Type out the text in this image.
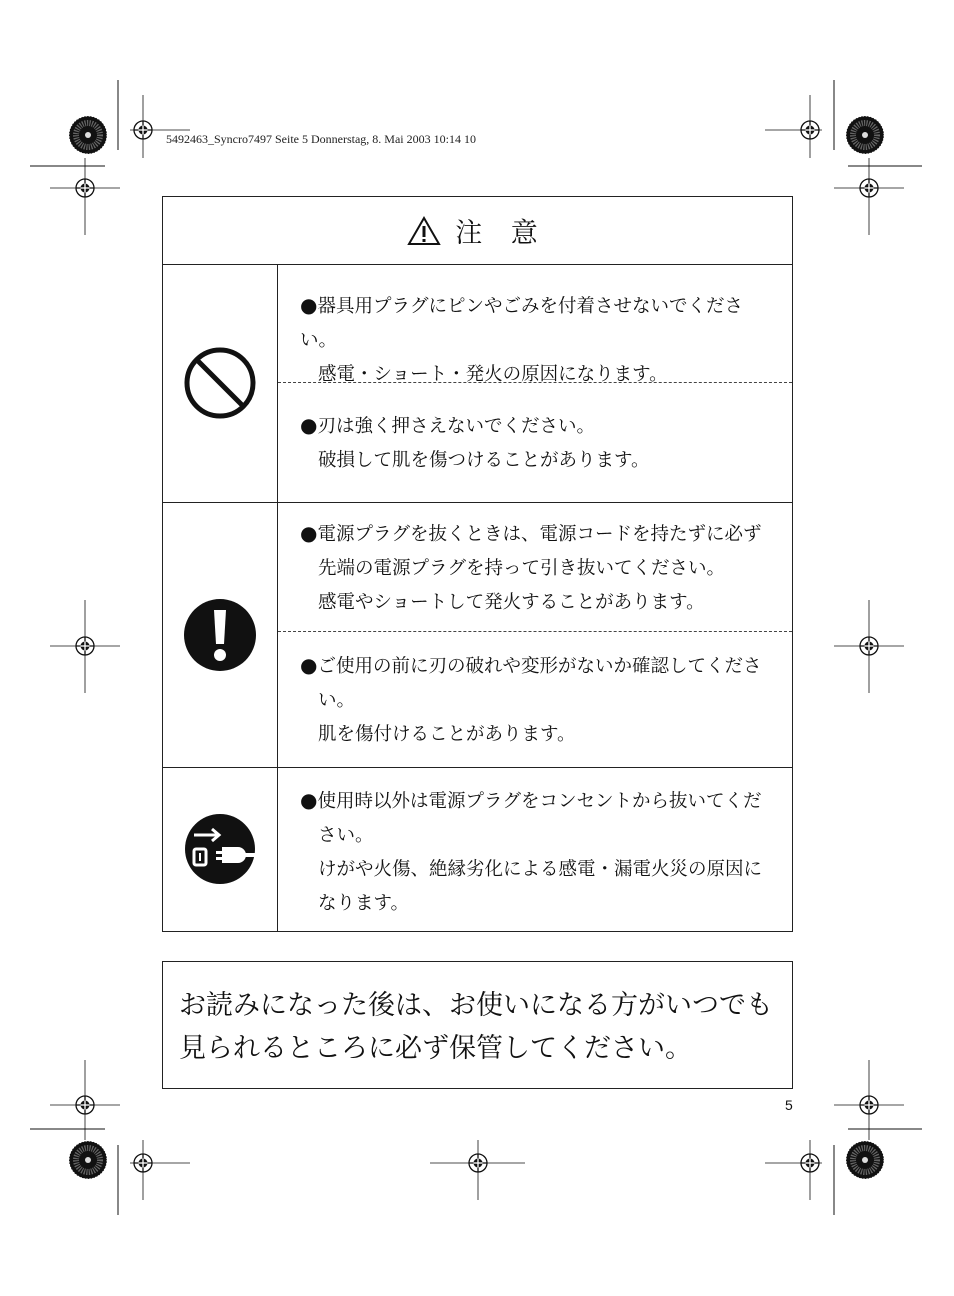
5492463_Syncro7497 Seite 5 Donnerstag, 8. Mai 2003 10:14 10
注 意
●器具用プラグにピンやごみを付着させないでください。
感電・ショート・発火の原因になります。
●刃は強く押さえないでください。
破損して肌を傷つけることがあります。
●電源プラグを抜くときは、電源コードを持たずに必ず
先端の電源プラグを持って引き抜いてください。
感電やショートして発火することがあります。
●ご使用の前に刃の破れや変形がないか確認してくださ
い。
肌を傷付けることがあります。
●使用時以外は電源プラグをコンセントから抜いてくだ
さい。
けがや火傷、絶縁劣化による感電・漏電火災の原因に
なります。
お読みになった後は、お使いになる方がいつでも
見られるところに必ず保管してください。
5
